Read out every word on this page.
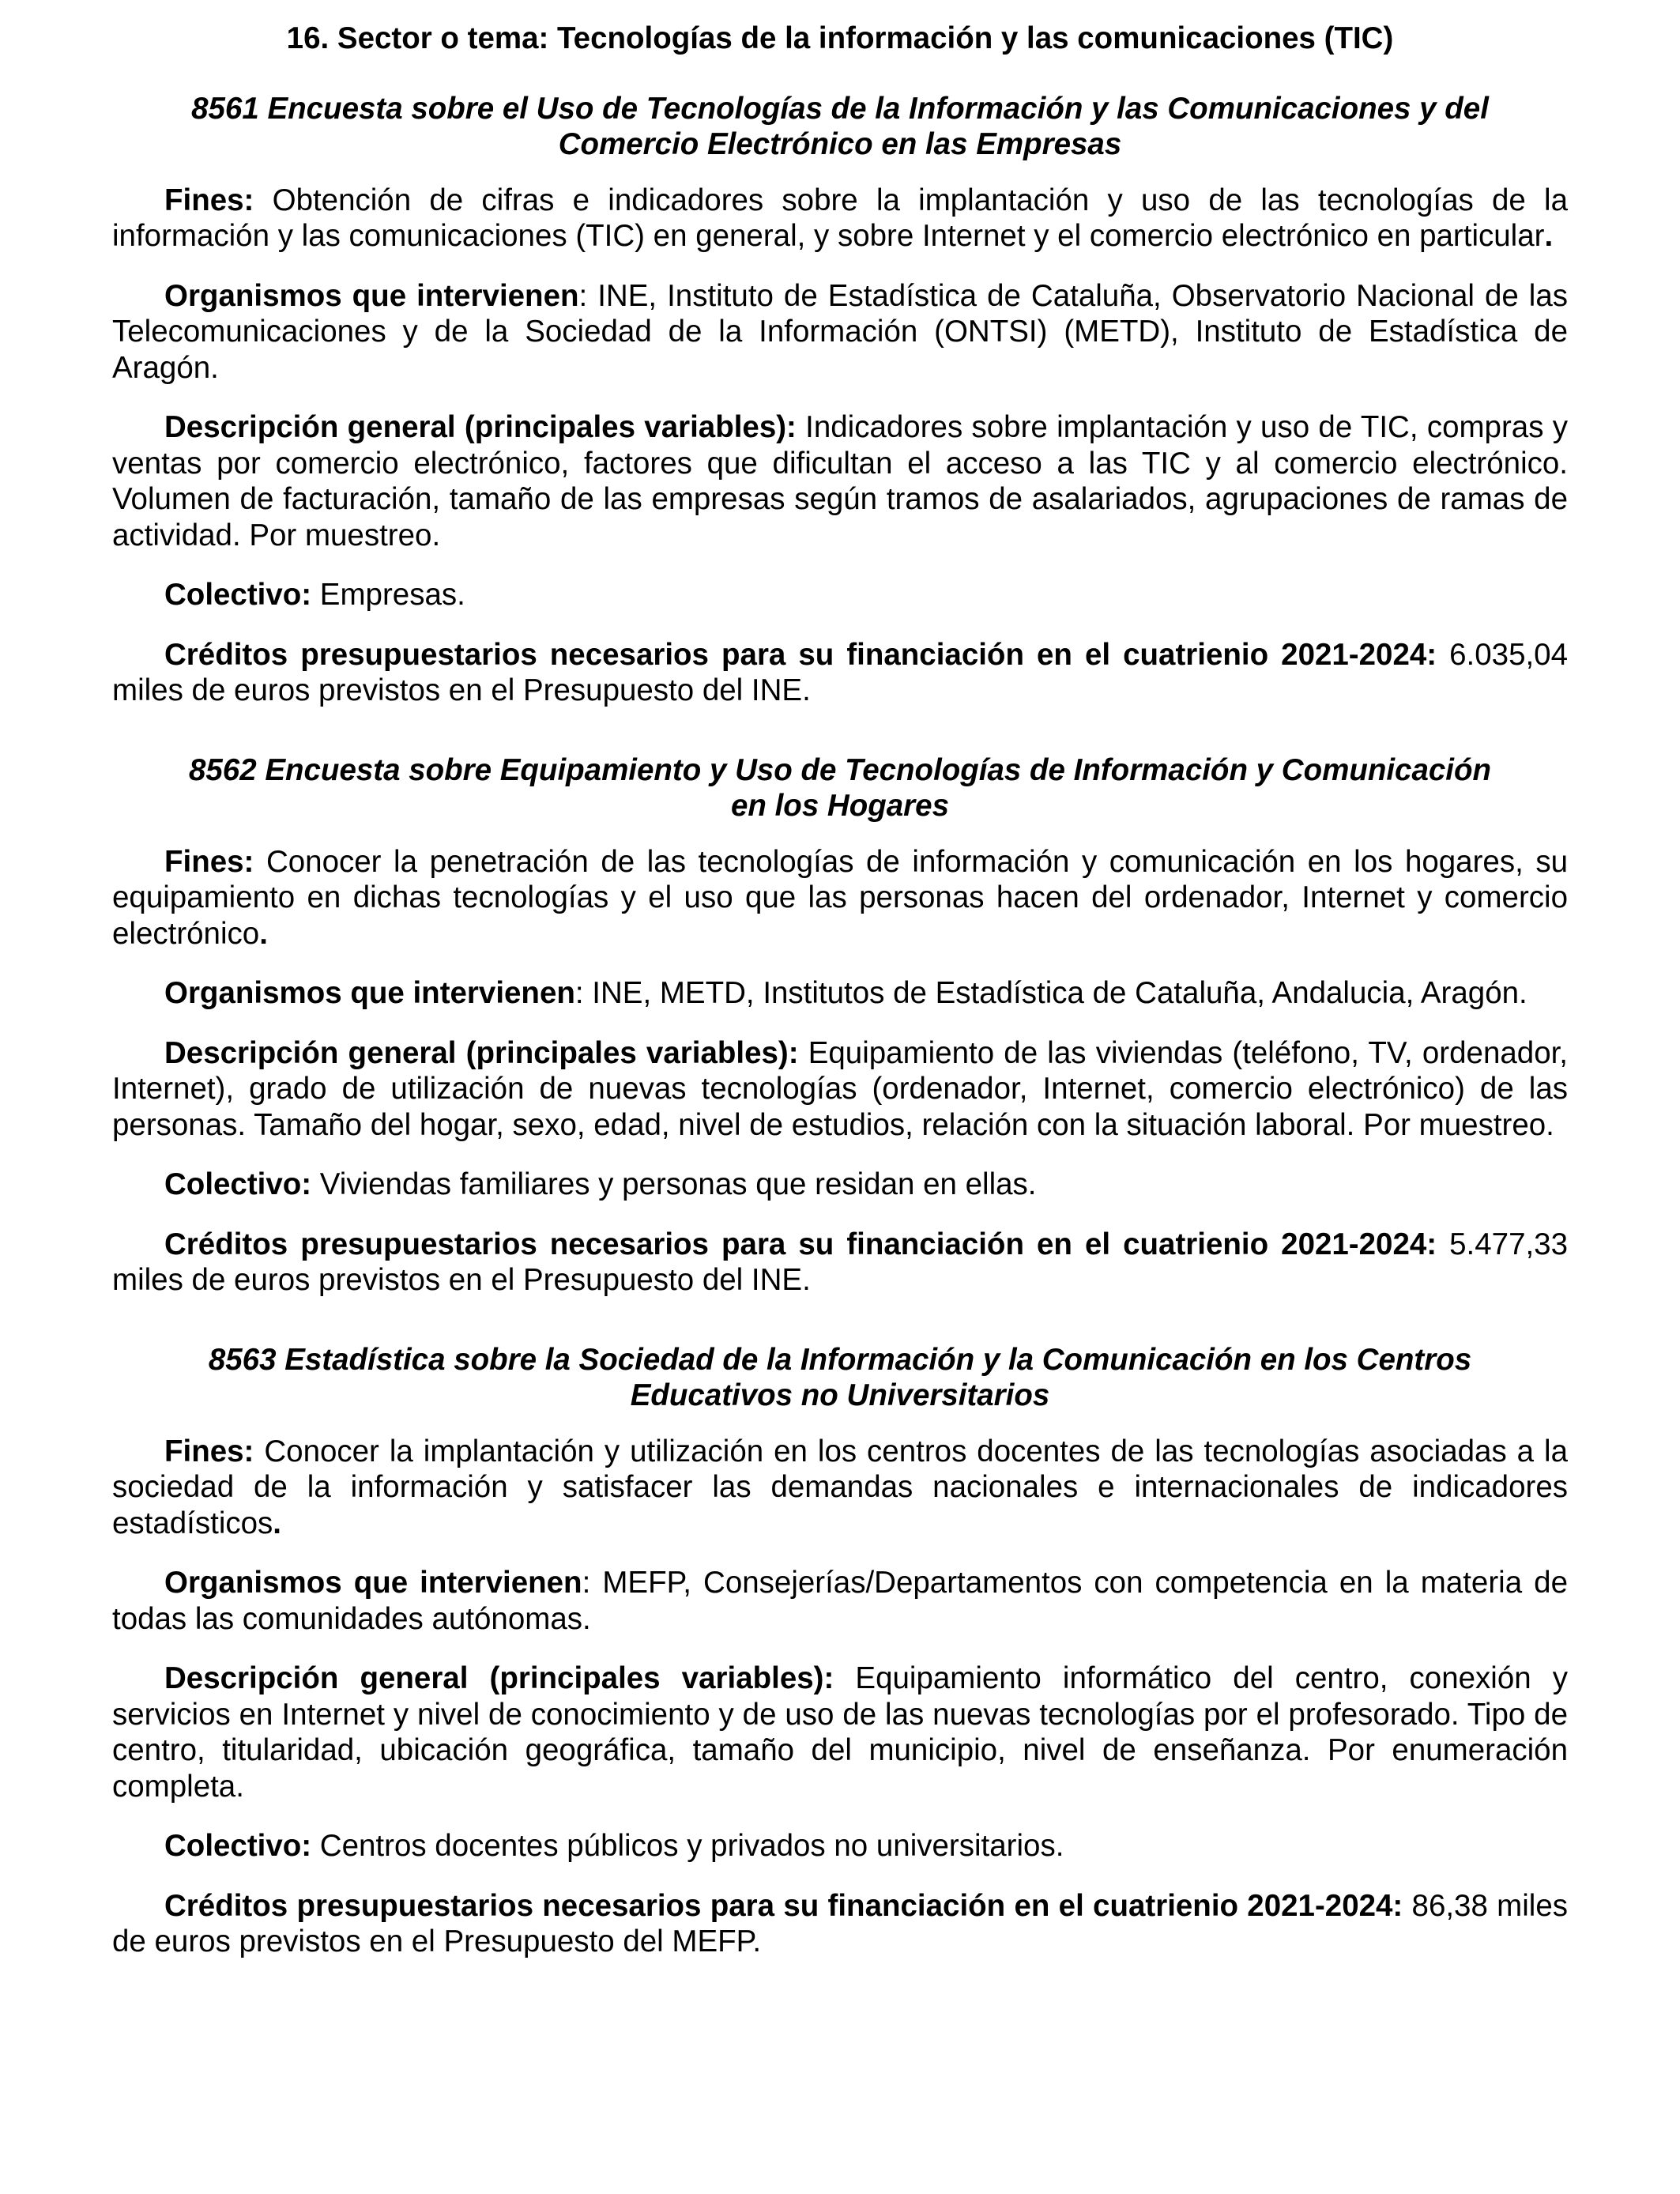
16. Sector o tema: Tecnologías de la información y las comunicaciones (TIC)
8561 Encuesta sobre el Uso de Tecnologías de la Información y las Comunicaciones y del Comercio Electrónico en las Empresas

Fines: Obtención de cifras e indicadores sobre la implantación y uso de las tecnologías de la información y las comunicaciones (TIC) en general, y sobre Internet y el comercio electrónico en particular.

Organismos que intervienen: INE, Instituto de Estadística de Cataluña, Observatorio Nacional de las Telecomunicaciones y de la Sociedad de la Información (ONTSI) (METD), Instituto de Estadística de Aragón.

Descripción general (principales variables): Indicadores sobre implantación y uso de TIC, compras y ventas por comercio electrónico, factores que dificultan el acceso a las TIC y al comercio electrónico. Volumen de facturación, tamaño de las empresas según tramos de asalariados, agrupaciones de ramas de actividad. Por muestreo.

Colectivo: Empresas.

Créditos presupuestarios necesarios para su financiación en el cuatrienio 2021-2024: 6.035,04 miles de euros previstos en el Presupuesto del INE.

8562 Encuesta sobre Equipamiento y Uso de Tecnologías de Información y Comunicación en los Hogares

Fines: Conocer la penetración de las tecnologías de información y comunicación en los hogares, su equipamiento en dichas tecnologías y el uso que las personas hacen del ordenador, Internet y comercio electrónico.

Organismos que intervienen: INE, METD, Institutos de Estadística de Cataluña, Andalucia, Aragón.

Descripción general (principales variables): Equipamiento de las viviendas (teléfono, TV, ordenador, Internet), grado de utilización de nuevas tecnologías (ordenador, Internet, comercio electrónico) de las personas. Tamaño del hogar, sexo, edad, nivel de estudios, relación con la situación laboral. Por muestreo.

Colectivo: Viviendas familiares y personas que residan en ellas.

Créditos presupuestarios necesarios para su financiación en el cuatrienio 2021-2024: 5.477,33 miles de euros previstos en el Presupuesto del INE.

8563 Estadística sobre la Sociedad de la Información y la Comunicación en los Centros Educativos no Universitarios

Fines: Conocer la implantación y utilización en los centros docentes de las tecnologías asociadas a la sociedad de la información y satisfacer las demandas nacionales e internacionales de indicadores estadísticos.

Organismos que intervienen: MEFP, Consejerías/Departamentos con competencia en la materia de todas las comunidades autónomas.

Descripción general (principales variables): Equipamiento informático del centro, conexión y servicios en Internet y nivel de conocimiento y de uso de las nuevas tecnologías por el profesorado. Tipo de centro, titularidad, ubicación geográfica, tamaño del municipio, nivel de enseñanza. Por enumeración completa.

Colectivo: Centros docentes públicos y privados no universitarios.

Créditos presupuestarios necesarios para su financiación en el cuatrienio 2021-2024: 86,38 miles de euros previstos en el Presupuesto del MEFP.
